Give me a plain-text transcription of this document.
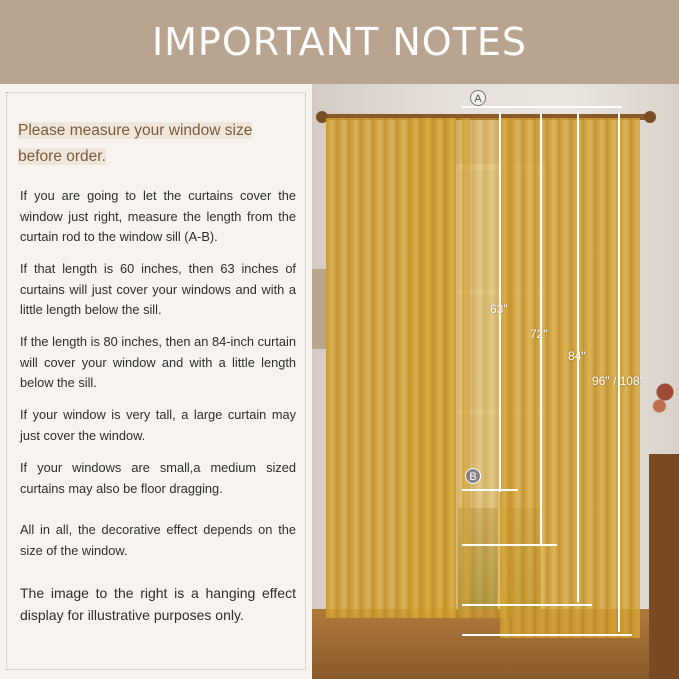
IMPORTANT NOTES
Please measure your window size
before order.

If you are going to let the curtains cover the window just right, measure the length from the curtain rod to the window sill (A-B).

If that length is 60 inches, then 63 inches of curtains will just cover your windows and with a little length below the sill.

If the length is 80 inches, then an 84-inch curtain will cover your window and with a little length below the sill.

If your window is very tall, a large curtain may just cover the window.

If your windows are small,a medium sized curtains may also be floor dragging.

All in all, the decorative effect depends on the size of the window.

The image to the right is a hanging effect display for illustrative purposes only.

A
63"
72"
84"
96" / 108"
B
